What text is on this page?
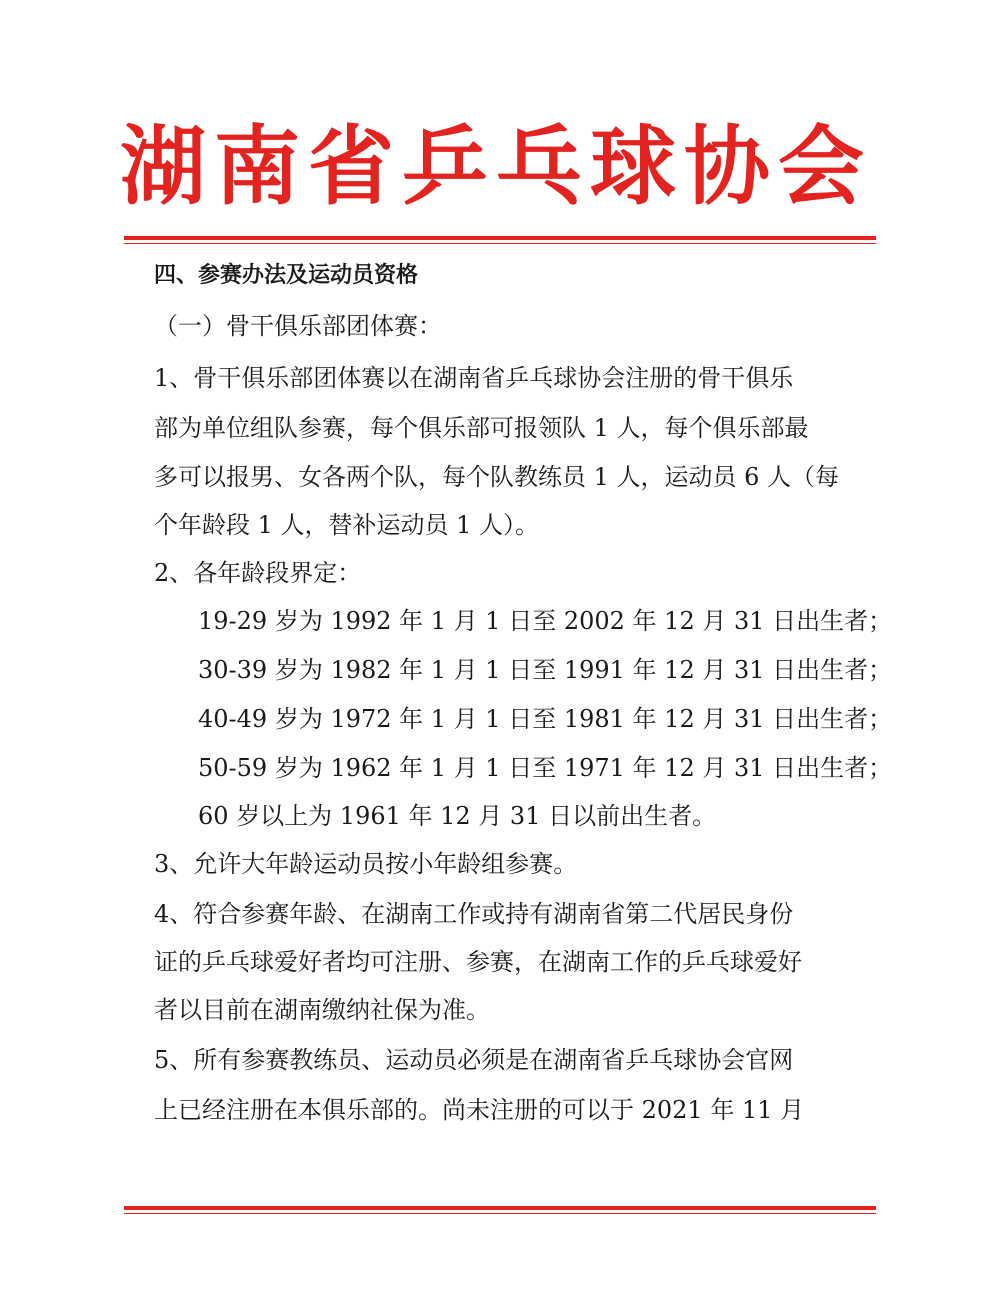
湖南省乒乓球协会
四、参赛办法及运动员资格
（一）骨干俱乐部团体赛：
1、骨干俱乐部团体赛以在湖南省乒乓球协会注册的骨干俱乐
部为单位组队参赛，每个俱乐部可报领队 1 人，每个俱乐部最
多可以报男、女各两个队，每个队教练员 1 人，运动员 6 人（每
个年龄段 1 人，替补运动员 1 人）。
2、各年龄段界定：
19-29 岁为 1992 年 1 月 1 日至 2002 年 12 月 31 日出生者；
30-39 岁为 1982 年 1 月 1 日至 1991 年 12 月 31 日出生者；
40-49 岁为 1972 年 1 月 1 日至 1981 年 12 月 31 日出生者；
50-59 岁为 1962 年 1 月 1 日至 1971 年 12 月 31 日出生者；
60 岁以上为 1961 年 12 月 31 日以前出生者。
3、允许大年龄运动员按小年龄组参赛。
4、符合参赛年龄、在湖南工作或持有湖南省第二代居民身份
证的乒乓球爱好者均可注册、参赛，在湖南工作的乒乓球爱好
者以目前在湖南缴纳社保为准。
5、所有参赛教练员、运动员必须是在湖南省乒乓球协会官网
上已经注册在本俱乐部的。尚未注册的可以于 2021 年 11 月
